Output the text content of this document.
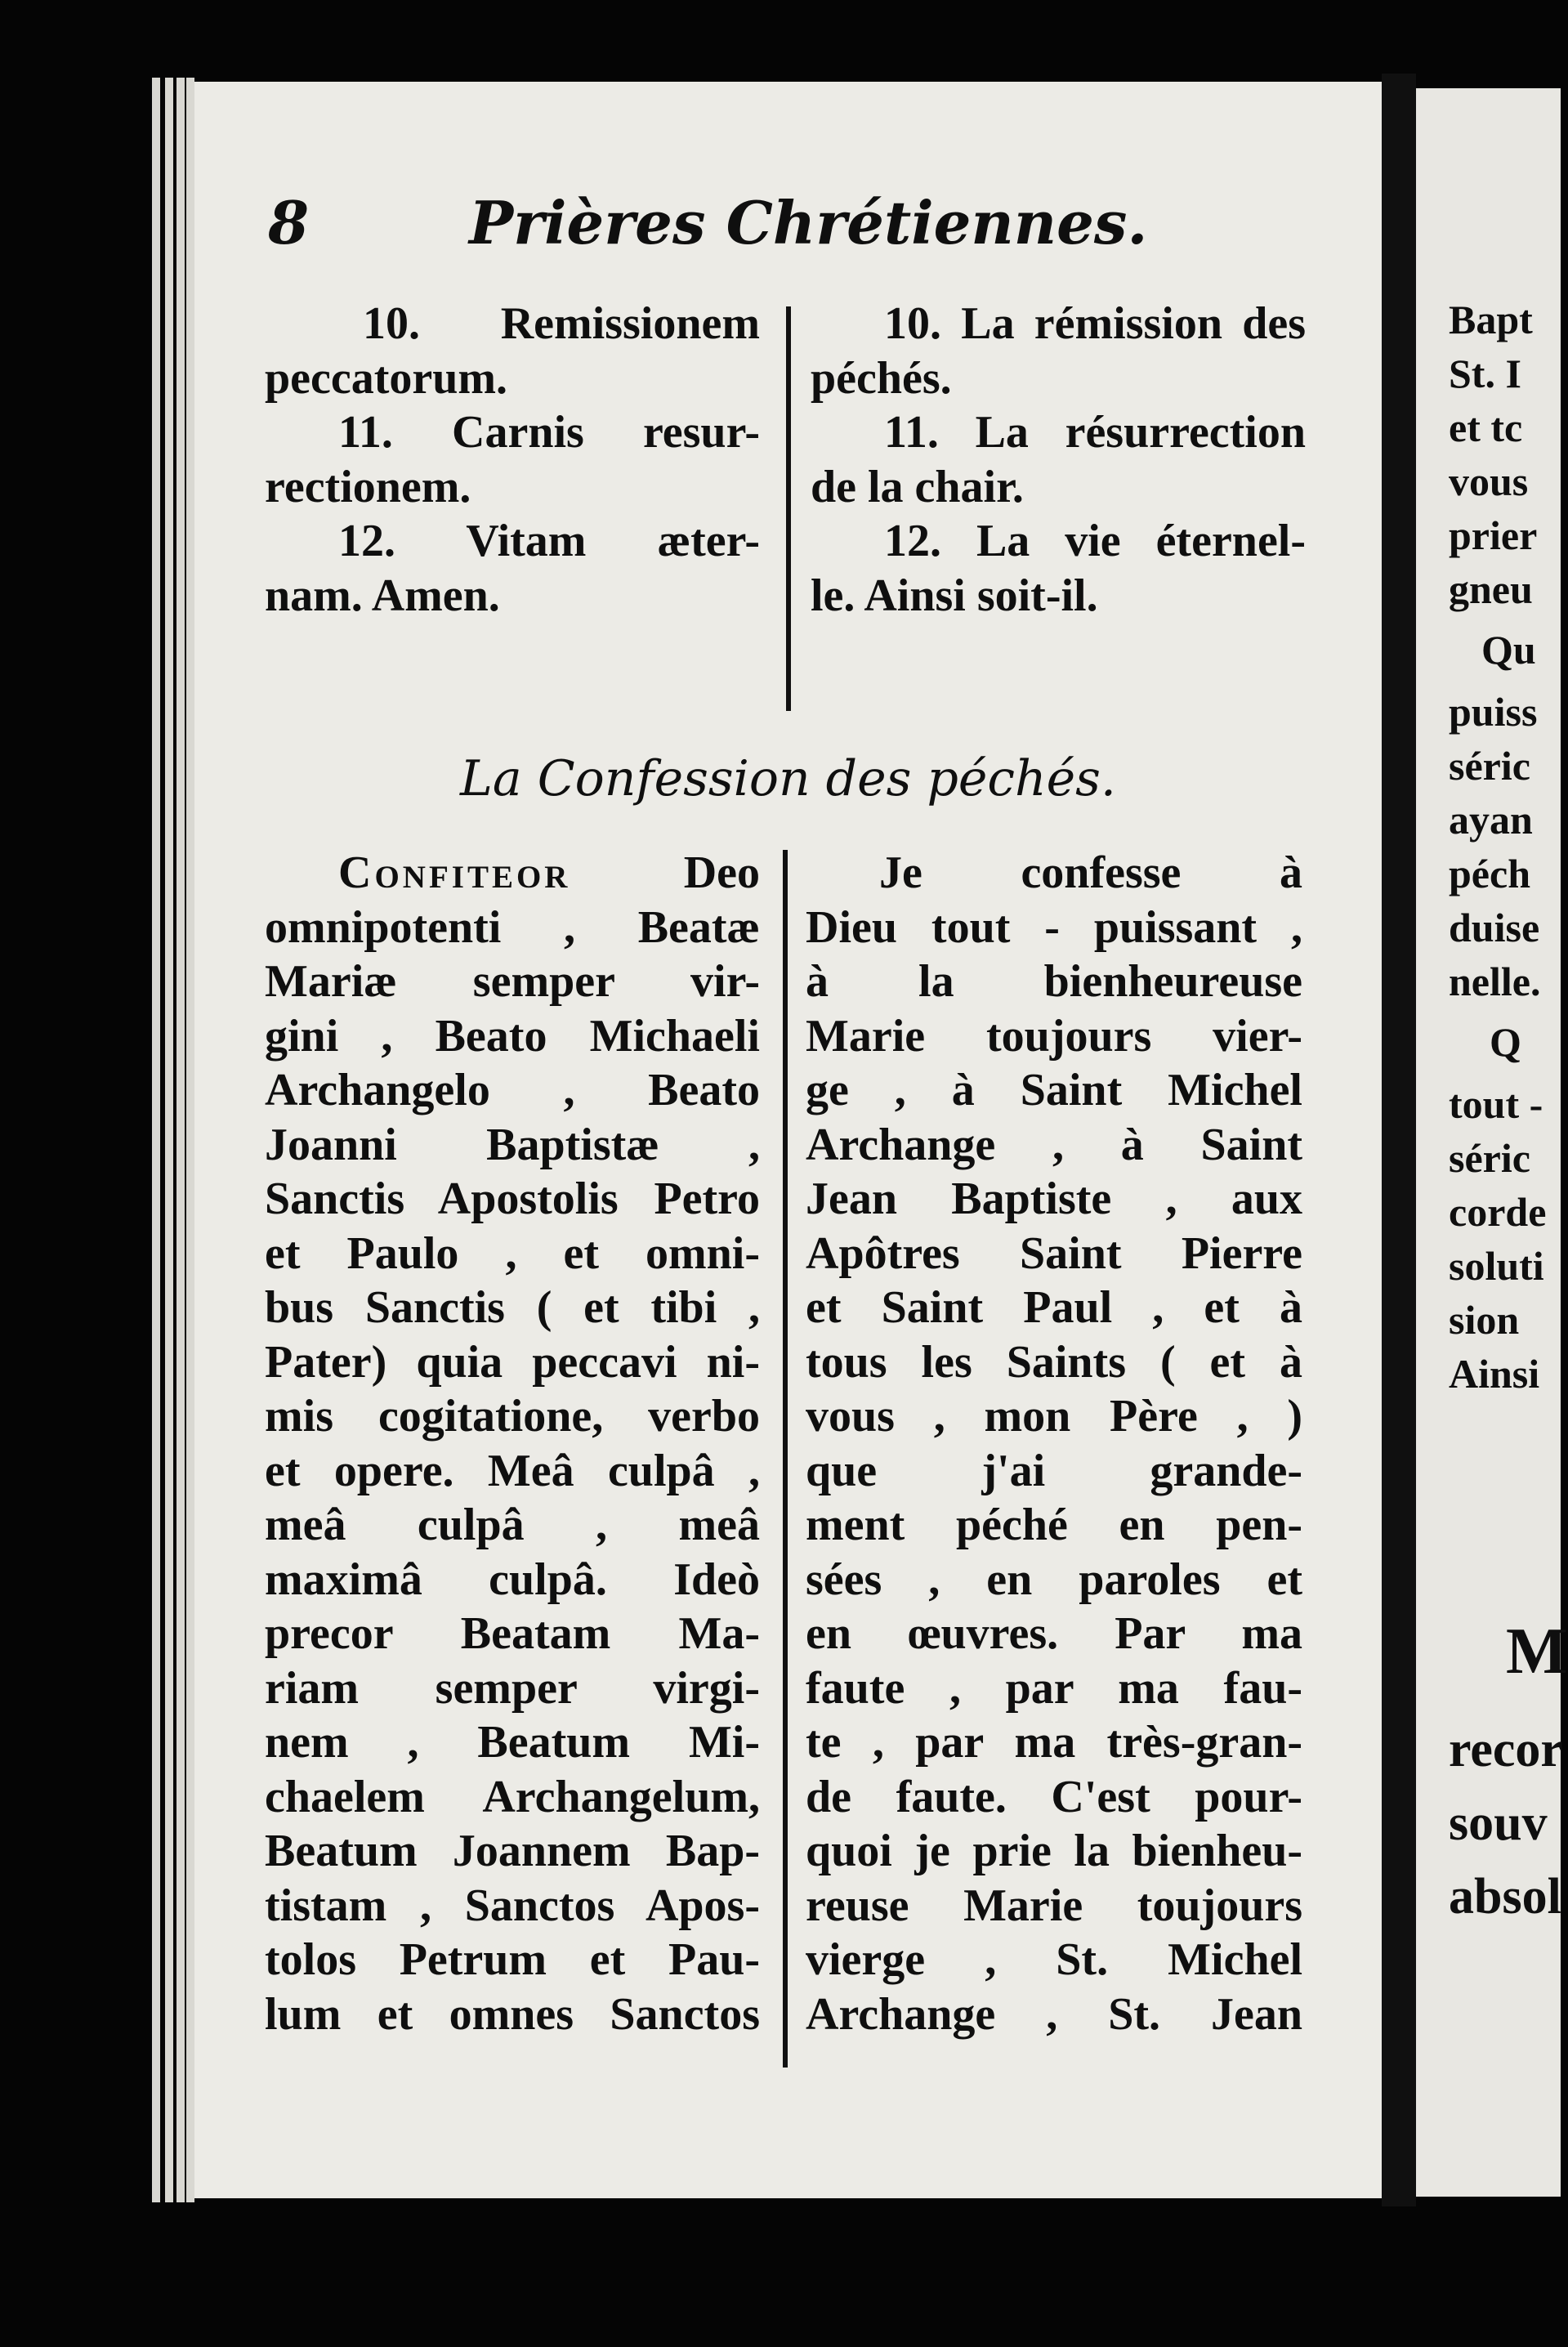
8	Prières Chrétiennes.
10. Remissionem
peccatorum.
11. Carnis resur-
rectionem.
12. Vitam æter-
nam. Amen.
10. La rémission des
péchés.
11. La résurrection
de la chair.
12. La vie éternel-
le. Ainsi soit-il.
La Confession des péchés.
Confiteor Deo
omnipotenti , Beatæ
Mariæ semper vir-
gini , Beato Michaeli
Archangelo , Beato
Joanni Baptistæ ,
Sanctis Apostolis Petro
et Paulo , et omni-
bus Sanctis ( et tibi ,
Pater) quia peccavi ni-
mis cogitatione, verbo
et opere. Meâ culpâ ,
meâ culpâ , meâ
maximâ culpâ. Ideò
precor Beatam Ma-
riam semper virgi-
nem , Beatum Mi-
chaelem Archangelum,
Beatum Joannem Bap-
tistam , Sanctos Apos-
tolos Petrum et Pau-
lum et omnes Sanctos
Je confesse à
Dieu tout - puissant ,
à la bienheureuse
Marie toujours vier-
ge , à Saint Michel
Archange , à Saint
Jean Baptiste , aux
Apôtres Saint Pierre
et Saint Paul , et à
tous les Saints ( et à
vous , mon Père , )
que j'ai grande-
ment péché en pen-
sées , en paroles et
en œuvres. Par ma
faute , par ma fau-
te , par ma très-gran-
de faute. C'est pour-
quoi je prie la bienheu-
reuse Marie toujours
vierge , St. Michel
Archange , St. Jean
Bapt
St. I
et tc
vous
prier
gneu
Qu
puiss
séric
ayan
péch
duise
nelle.
Q
tout -
séric
corde
soluti
sion
Ainsi
M
recor
souv
absol
